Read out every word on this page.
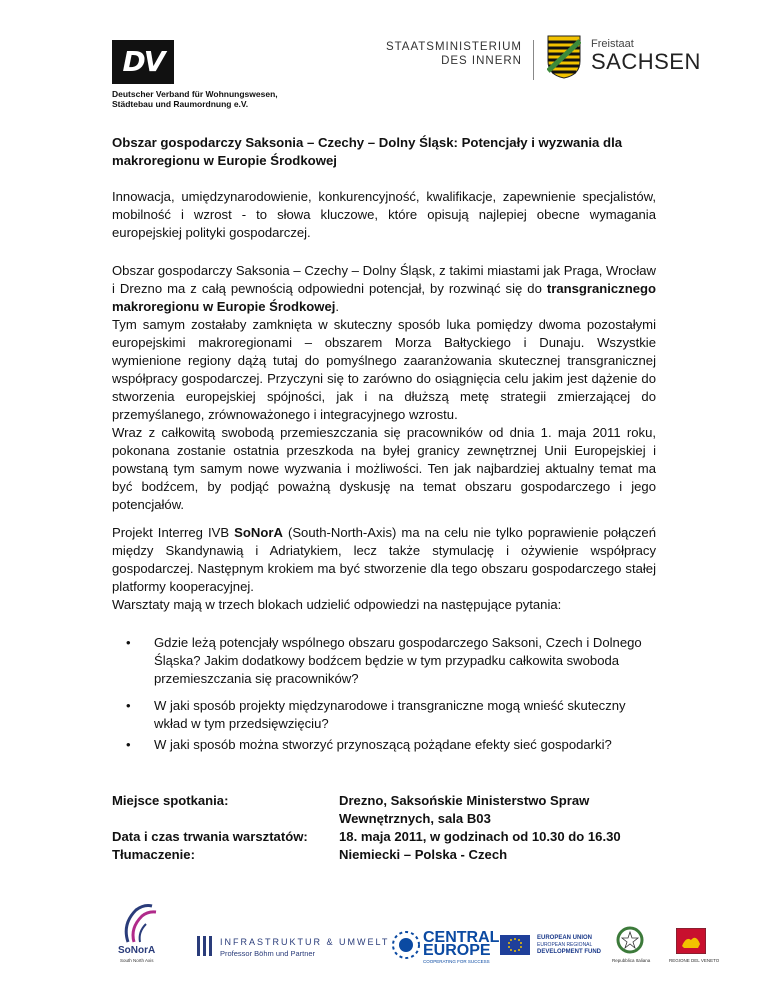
DV
Deutscher Verband für Wohnungswesen,
Städtebau und Raumordnung e.V.
STAATSMINISTERIUM
DES INNERN
Freistaat
SACHSEN
Obszar gospodarczy Saksonia – Czechy – Dolny Śląsk: Potencjały i wyzwania dla makroregionu w Europie Środkowej
Innowacja, umiędzynarodowienie, konkurencyjność, kwalifikacje, zapewnienie specjalistów, mobilność i wzrost - to słowa kluczowe, które opisują najlepiej obecne wymagania europejskiej polityki gospodarczej.
Obszar gospodarczy Saksonia – Czechy – Dolny Śląsk, z takimi miastami jak Praga, Wrocław i Drezno ma z całą pewnością odpowiedni potencjał, by rozwinąć się do transgranicznego makroregionu w Europie Środkowej.
Tym samym zostałaby zamknięta w skuteczny sposób luka pomiędzy dwoma pozostałymi europejskimi makroregionami – obszarem Morza Bałtyckiego i Dunaju. Wszystkie wymienione regiony dążą tutaj do pomyślnego zaaranżowania skutecznej transgranicznej współpracy gospodarczej. Przyczyni się to zarówno do osiągnięcia celu jakim jest dążenie do stworzenia europejskiej spójności, jak i na dłuższą metę strategii zmierzającej do przemyślanego, zrównoważonego i integracyjnego wzrostu.
Wraz z całkowitą swobodą przemieszczania się pracowników od dnia 1. maja 2011 roku, pokonana zostanie ostatnia przeszkoda na byłej granicy zewnętrznej Unii Europejskiej i powstaną tym samym nowe wyzwania i możliwości. Ten jak najbardziej aktualny temat ma być bodźcem, by podjąć poważną dyskusję na temat obszaru gospodarczego i jego potencjałów.
Projekt Interreg IVB SoNorA (South-North-Axis) ma na celu nie tylko poprawienie połączeń między Skandynawią i Adriatykiem, lecz także stymulację i ożywienie współpracy gospodarczej. Następnym krokiem ma być stworzenie dla tego obszaru gospodarczego stałej platformy kooperacyjnej.
Warsztaty mają w trzech blokach udzielić odpowiedzi na następujące pytania:
• Gdzie leżą potencjały wspólnego obszaru gospodarczego Saksoni, Czech i Dolnego Śląska? Jakim dodatkowy bodźcem będzie w tym przypadku całkowita swoboda przemieszczania się pracowników?
• W jaki sposób projekty międzynarodowe i transgraniczne mogą wnieść skuteczny wkład w tym przedsięwzięciu?
• W jaki sposób można stworzyć przynoszącą pożądane efekty sieć gospodarki?
Miejsce spotkania:	Drezno, Saksońskie Ministerstwo Spraw Wewnętrznych, sala B03
Data i czas trwania warsztatów: 18. maja 2011, w godzinach od 10.30 do 16.30
Tłumaczenie:	Niemiecki – Polska - Czech
SoNorA
South North Axis
INFRASTRUKTUR & UMWELT
Professor Böhm und Partner
CENTRAL
EUROPE
COOPERATING FOR SUCCESS
EUROPEAN UNION
EUROPEAN REGIONAL
DEVELOPMENT FUND
Repubblica Italiana	REGIONE DEL VENETO
